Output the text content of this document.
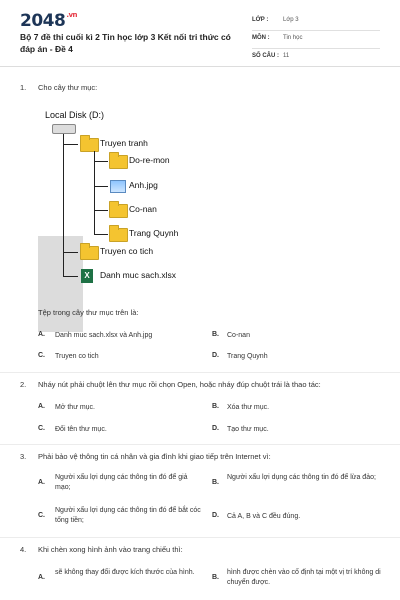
$2048^{.vn}$
Bộ 7 đề thi cuối kì 2 Tin học lớp 3 Kết nối tri thức có đáp án - Đề 4
LỚP : Lớp 3
MÔN : Tin học
SỐ CÂU : 11
1. Cho cây thư mục:
Local Disk (D:)
Truyen tranh
Do-re-mon
Anh.jpg
Co-nan
Trang Quynh
Truyen co tich
X	Danh muc sach.xlsx
Tệp trong cây thư mục trên là:
A. Danh muc sach.xlsx và Anh.jpg	B. Co-nan
C. Truyen co tich	D. Trang Quynh
2. Nháy nút phải chuột lên thư mục rồi chọn Open, hoặc nháy đúp chuột trái là thao tác:
A. Mở thư mục.	B. Xóa thư mục.
C. Đổi tên thư mục.	D. Tạo thư mục.
3. Phải bảo vệ thông tin cá nhân và gia đình khi giao tiếp trên Internet vì:
A.
Người xấu lợi dụng các thông tin đó để giả mạo;
B.
Người xấu lợi dụng các thông tin đó để lừa đảo;
C.
Người xấu lợi dụng các thông tin đó để bắt cóc tống tiền;
D. Cả A, B và C đều đúng.
4. Khi chèn xong hình ảnh vào trang chiếu thì:
A.
sẽ không thay đổi được kích thước của hình.
B.
hình được chèn vào cố định tại một vị trí không di chuyển được.
